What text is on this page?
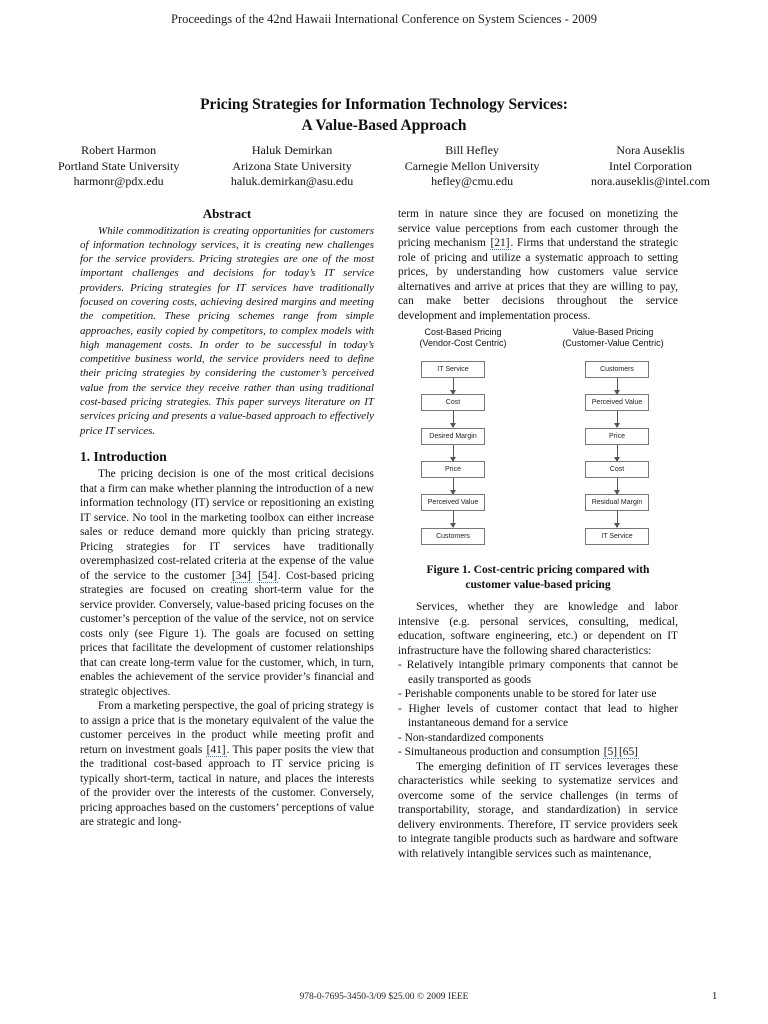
Proceedings of the 42nd Hawaii International Conference on System Sciences - 2009
Pricing Strategies for Information Technology Services:
A Value-Based Approach
Robert Harmon
Portland State University
harmonr@pdx.edu
Haluk Demirkan
Arizona State University
haluk.demirkan@asu.edu
Bill Hefley
Carnegie Mellon University
hefley@cmu.edu
Nora Auseklis
Intel Corporation
nora.auseklis@intel.com
Abstract

While commoditization is creating opportunities for customers of information technology services, it is creating new challenges for the service providers. Pricing strategies are one of the most important challenges and decisions for today’s IT service providers. Pricing strategies for IT services have traditionally focused on covering costs, achieving desired margins and meeting the competition. These pricing schemes range from simple approaches, easily copied by competitors, to complex models with high management costs. In order to be successful in today’s competitive business world, the service providers need to define their pricing strategies by considering the customer’s perceived value from the service they receive rather than using traditional cost-based pricing strategies. This paper surveys literature on IT services pricing and presents a value-based approach to effectively price IT services.

1. Introduction

The pricing decision is one of the most critical decisions that a firm can make whether planning the introduction of a new information technology (IT) service or repositioning an existing IT service. No tool in the marketing toolbox can either increase sales or reduce demand more quickly than pricing strategy. Pricing strategies for IT services have traditionally overemphasized cost-related criteria at the expense of the value of the service to the customer [34] [54]. Cost-based pricing strategies are focused on creating short-term value for the service provider. Conversely, value-based pricing focuses on the customer’s perception of the value of the service, not on service costs only (see Figure 1). The goals are focused on setting prices that facilitate the development of customer relationships that can create long-term value for the customer, which, in turn, enables the achievement of the service provider’s financial and strategic objectives.

From a marketing perspective, the goal of pricing strategy is to assign a price that is the monetary equivalent of the value the customer perceives in the product while meeting profit and return on investment goals [41]. This paper posits the view that the traditional cost-based approach to IT service pricing is typically short-term, tactical in nature, and places the interests of the provider over the interests of the customer. Conversely, pricing approaches based on the customers’ perceptions of value are strategic and long-

term in nature since they are focused on monetizing the service value perceptions from each customer through the pricing mechanism [21]. Firms that understand the strategic role of pricing and utilize a systematic approach to setting prices, by understanding how customers value service alternatives and arrive at prices that they are willing to pay, can make better decisions throughout the service development and implementation process.

Cost-Based Pricing
(Vendor-Cost Centric)
Value-Based Pricing
(Customer-Value Centric)
IT Service
Cost
Desired Margin
Price
Perceived Value
Customers
Customers
Perceived Value
Price
Cost
Residual Margin
IT Service
Figure 1. Cost-centric pricing compared with
customer value-based pricing

Services, whether they are knowledge and labor intensive (e.g. personal services, consulting, medical, education, software engineering, etc.) or dependent on IT infrastructure have the following shared characteristics:

- Relatively intangible primary components that cannot be easily transported as goods
- Perishable components unable to be stored for later use
- Higher levels of customer contact that lead to higher instantaneous demand for a service
- Non-standardized components
- Simultaneous production and consumption [5] [65]

The emerging definition of IT services leverages these characteristics while seeking to systematize services and overcome some of the service challenges (in terms of transportability, storage, and standardization) in service delivery environments. Therefore, IT service providers seek to integrate tangible products such as hardware and software with relatively intangible services such as maintenance,

978-0-7695-3450-3/09 $25.00 © 2009 IEEE	1
